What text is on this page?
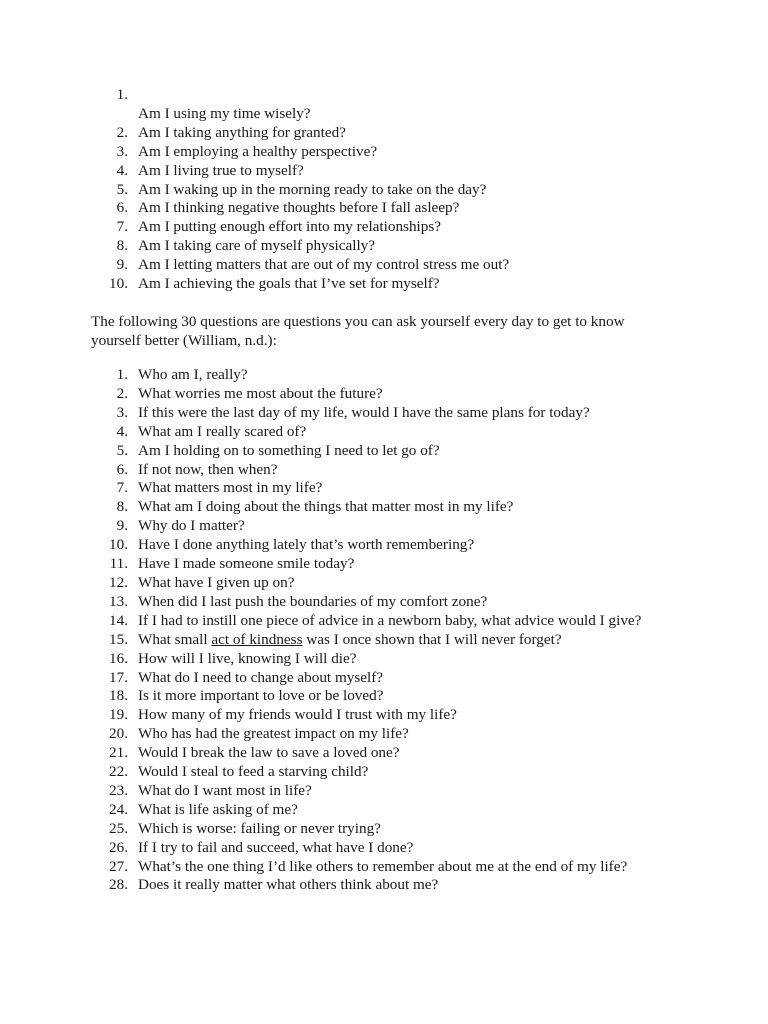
1.
Am I using my time wisely?
2. Am I taking anything for granted?
3. Am I employing a healthy perspective?
4. Am I living true to myself?
5. Am I waking up in the morning ready to take on the day?
6. Am I thinking negative thoughts before I fall asleep?
7. Am I putting enough effort into my relationships?
8. Am I taking care of myself physically?
9. Am I letting matters that are out of my control stress me out?
10. Am I achieving the goals that I’ve set for myself?

The following 30 questions are questions you can ask yourself every day to get to know yourself better (William, n.d.):

1. Who am I, really?
2. What worries me most about the future?
3. If this were the last day of my life, would I have the same plans for today?
4. What am I really scared of?
5. Am I holding on to something I need to let go of?
6. If not now, then when?
7. What matters most in my life?
8. What am I doing about the things that matter most in my life?
9. Why do I matter?
10. Have I done anything lately that’s worth remembering?
11. Have I made someone smile today?
12. What have I given up on?
13. When did I last push the boundaries of my comfort zone?
14. If I had to instill one piece of advice in a newborn baby, what advice would I give?
15. What small act of kindness was I once shown that I will never forget?
16. How will I live, knowing I will die?
17. What do I need to change about myself?
18. Is it more important to love or be loved?
19. How many of my friends would I trust with my life?
20. Who has had the greatest impact on my life?
21. Would I break the law to save a loved one?
22. Would I steal to feed a starving child?
23. What do I want most in life?
24. What is life asking of me?
25. Which is worse: failing or never trying?
26. If I try to fail and succeed, what have I done?
27. What’s the one thing I’d like others to remember about me at the end of my life?
28. Does it really matter what others think about me?
